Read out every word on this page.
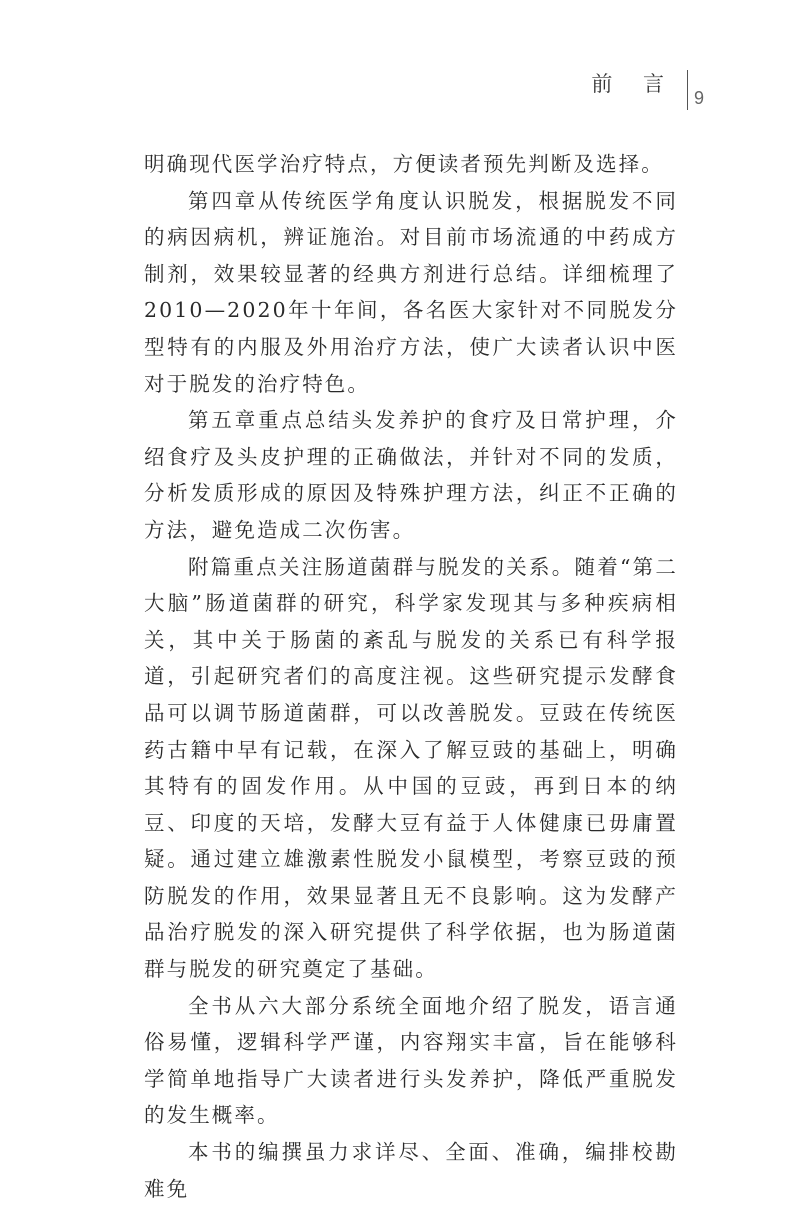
前 言
9

明确现代医学治疗特点，方便读者预先判断及选择。

第四章从传统医学角度认识脱发，根据脱发不同的病因病机，辨证施治。对目前市场流通的中药成方制剂，效果较显著的经典方剂进行总结。详细梳理了2010—2020年十年间，各名医大家针对不同脱发分型特有的内服及外用治疗方法，使广大读者认识中医对于脱发的治疗特色。

第五章重点总结头发养护的食疗及日常护理，介绍食疗及头皮护理的正确做法，并针对不同的发质，分析发质形成的原因及特殊护理方法，纠正不正确的方法，避免造成二次伤害。

附篇重点关注肠道菌群与脱发的关系。随着“第二大脑”肠道菌群的研究，科学家发现其与多种疾病相关，其中关于肠菌的紊乱与脱发的关系已有科学报道，引起研究者们的高度注视。这些研究提示发酵食品可以调节肠道菌群，可以改善脱发。豆豉在传统医药古籍中早有记载，在深入了解豆豉的基础上，明确其特有的固发作用。从中国的豆豉，再到日本的纳豆、印度的天培，发酵大豆有益于人体健康已毋庸置疑。通过建立雄激素性脱发小鼠模型，考察豆豉的预防脱发的作用，效果显著且无不良影响。这为发酵产品治疗脱发的深入研究提供了科学依据，也为肠道菌群与脱发的研究奠定了基础。

全书从六大部分系统全面地介绍了脱发，语言通俗易懂，逻辑科学严谨，内容翔实丰富，旨在能够科学简单地指导广大读者进行头发养护，降低严重脱发的发生概率。

本书的编撰虽力求详尽、全面、准确，编排校勘难免
